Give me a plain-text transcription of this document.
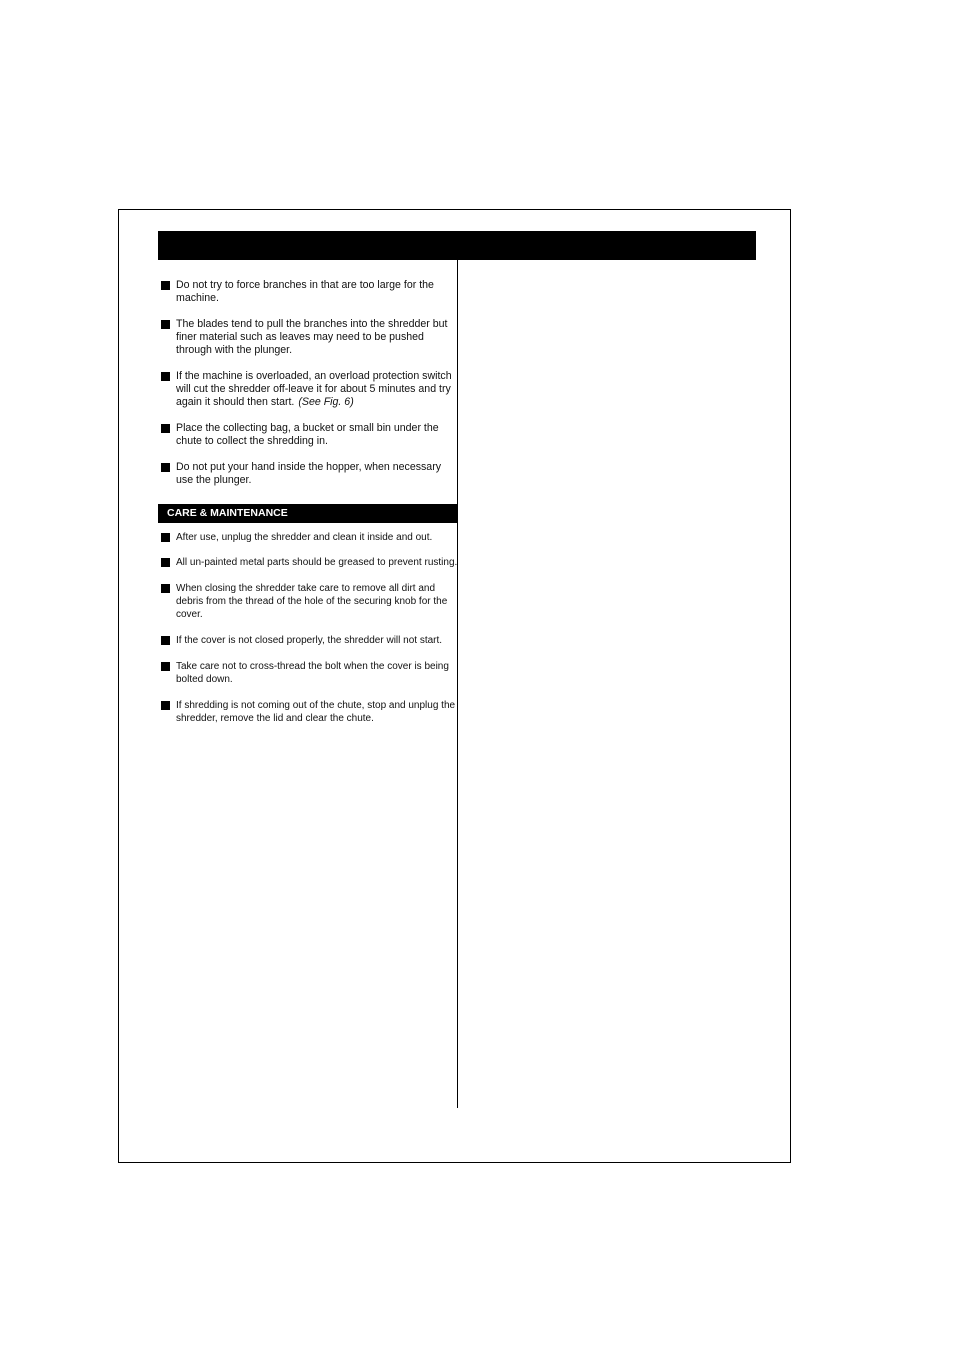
Do not try to force branches in that are too large for the machine.
The blades tend to pull the branches into the shredder but finer material such as leaves may need to be pushed through with the plunger.
If the machine is overloaded, an overload protection switch will cut the shredder off-leave it for about 5 minutes and try again it should then start. (See Fig. 6)
Place the collecting bag, a bucket or small bin under the chute to collect the shredding in.
Do not put your hand inside the hopper, when necessary use the plunger.
CARE & MAINTENANCE
After use, unplug the shredder and clean it inside and out.
All un-painted metal parts should be greased to prevent rusting.
When closing the shredder take care to remove all dirt and debris from the thread of the hole of the securing knob for the cover.
If the cover is not closed properly, the shredder will not start.
Take care not to cross-thread the bolt when the cover is being bolted down.
If shredding is not coming out of the chute, stop and unplug the shredder, remove the lid and clear the chute.
